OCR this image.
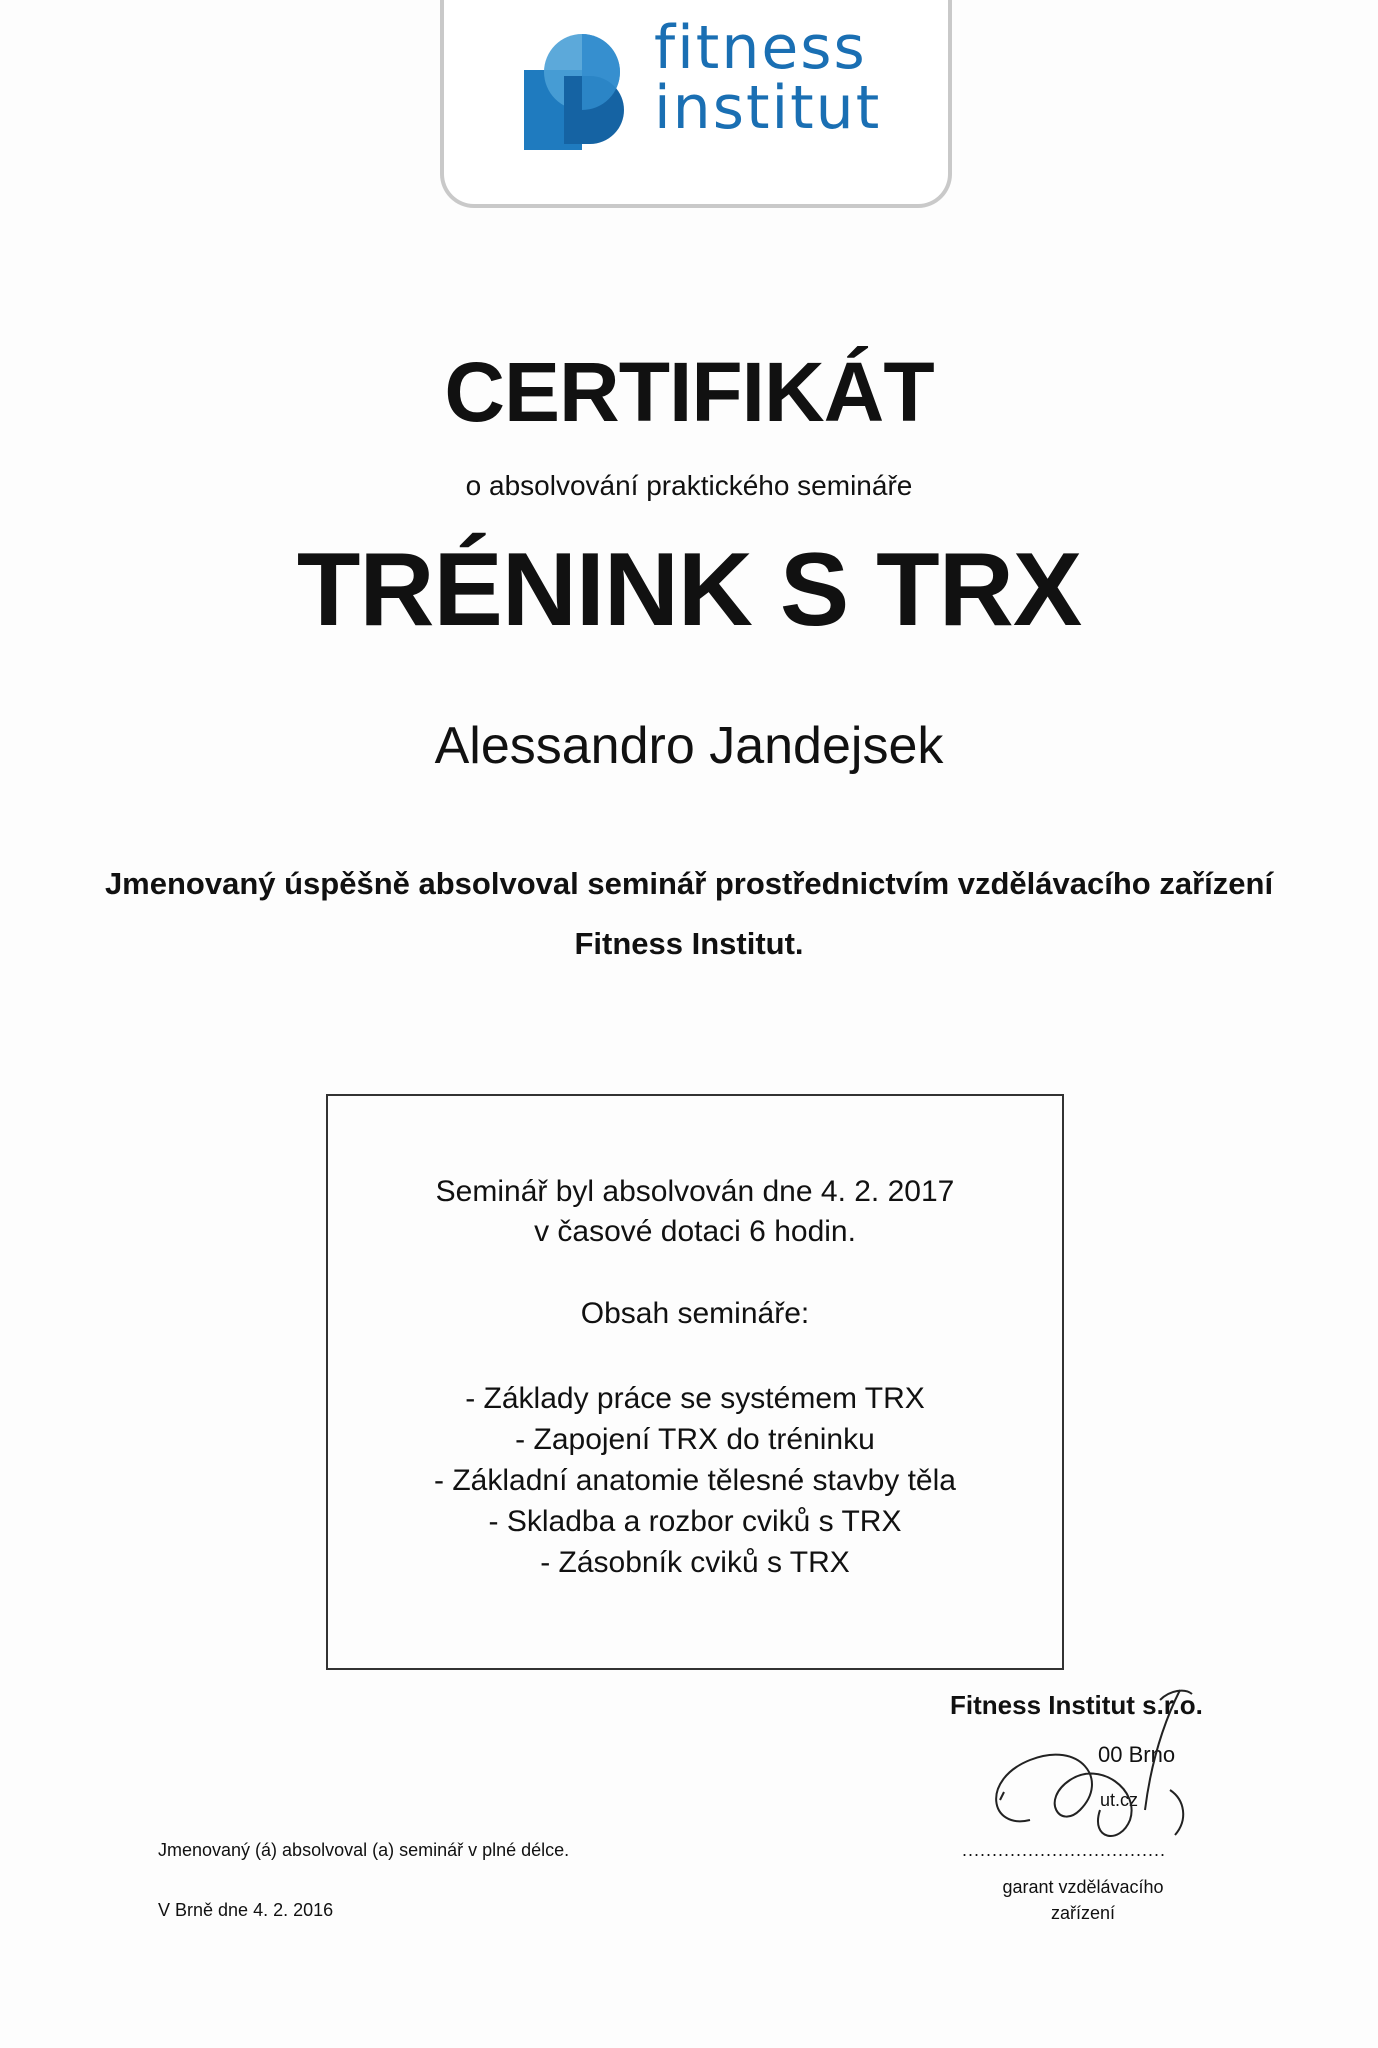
fitness
institut
CERTIFIKÁT
o absolvování praktického semináře
TRÉNINK S TRX
Alessandro Jandejsek
Jmenovaný úspěšně absolvoval seminář prostřednictvím vzdělávacího zařízení
Fitness Institut.
Seminář byl absolvován dne 4. 2. 2017
v časové dotaci 6 hodin.
Obsah semináře:
- Základy práce se systémem TRX
- Zapojení TRX do tréninku
- Základní anatomie tělesné stavby těla
- Skladba a rozbor cviků s TRX
- Zásobník cviků s TRX
Jmenovaný (á) absolvoval (a) seminář v plné délce.
V Brně dne 4. 2. 2016
Fitness Institut s.r.o.
00 Brno
ut.cz
..................................
garant vzdělávacího
zařízení
